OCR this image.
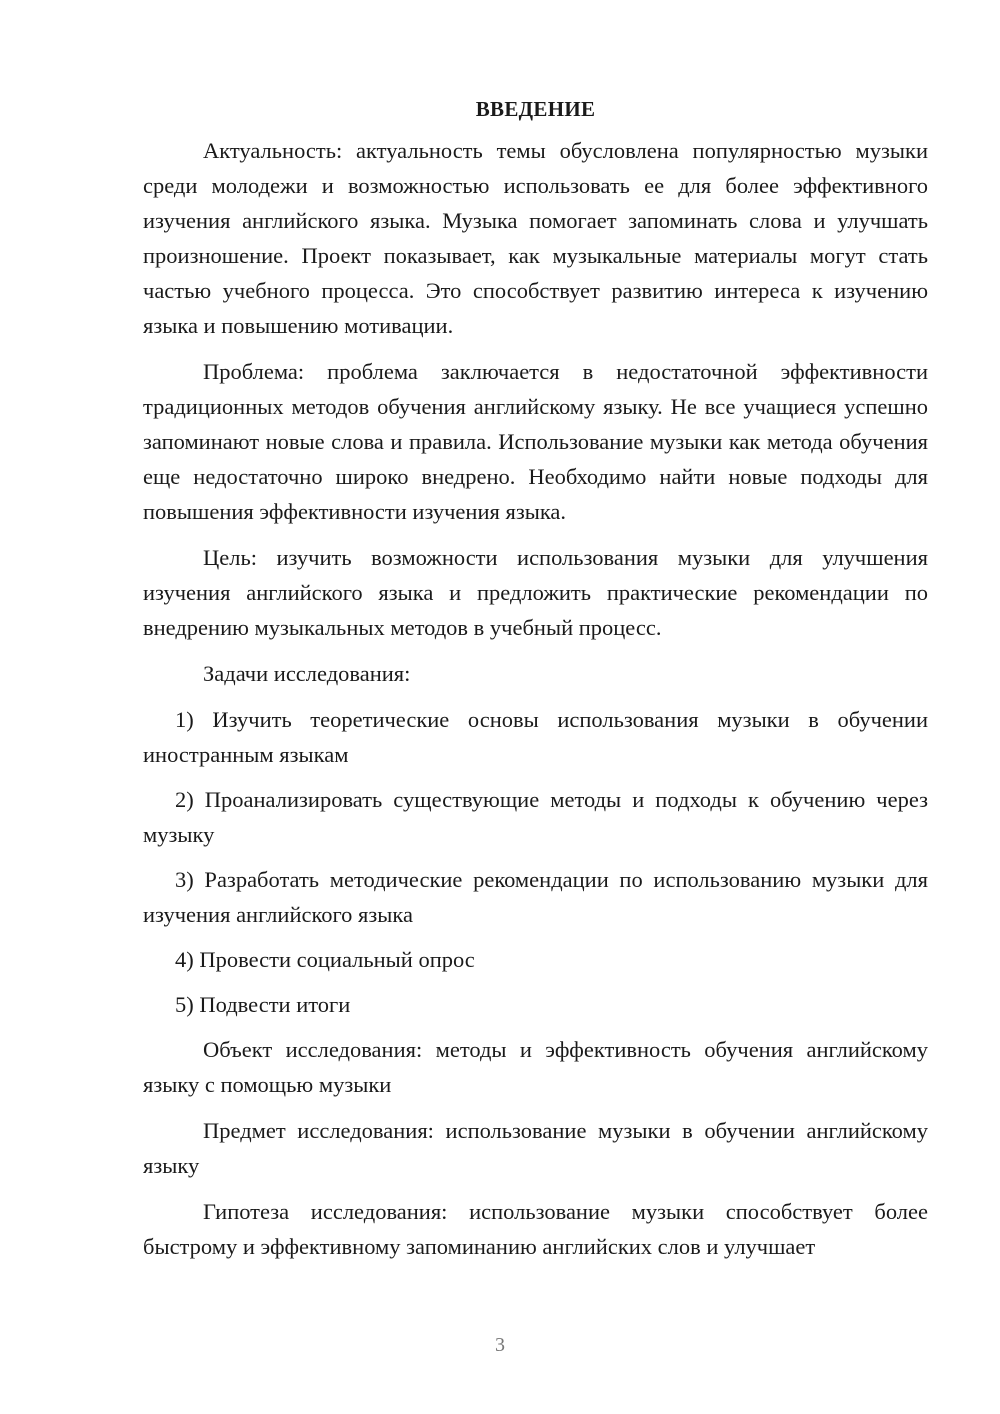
ВВЕДЕНИЕ

Актуальность: актуальность темы обусловлена популярностью музыки среди молодежи и возможностью использовать ее для более эффективного изучения английского языка. Музыка помогает запоминать слова и улучшать произношение. Проект показывает, как музыкальные материалы могут стать частью учебного процесса. Это способствует развитию интереса к изучению языка и повышению мотивации.

Проблема: проблема заключается в недостаточной эффективности традиционных методов обучения английскому языку. Не все учащиеся успешно запоминают новые слова и правила. Использование музыки как метода обучения еще недостаточно широко внедрено. Необходимо найти новые подходы для повышения эффективности изучения языка.

Цель: изучить возможности использования музыки для улучшения изучения английского языка и предложить практические рекомендации по внедрению музыкальных методов в учебный процесс.

Задачи исследования:

1) Изучить теоретические основы использования музыки в обучении иностранным языкам

2) Проанализировать существующие методы и подходы к обучению через музыку

3) Разработать методические рекомендации по использованию музыки для изучения английского языка

4) Провести социальный опрос

5) Подвести итоги

Объект исследования: методы и эффективность обучения английскому языку с помощью музыки

Предмет исследования: использование музыки в обучении английскому языку

Гипотеза исследования: использование музыки способствует более быстрому и эффективному запоминанию английских слов и улучшает

3
